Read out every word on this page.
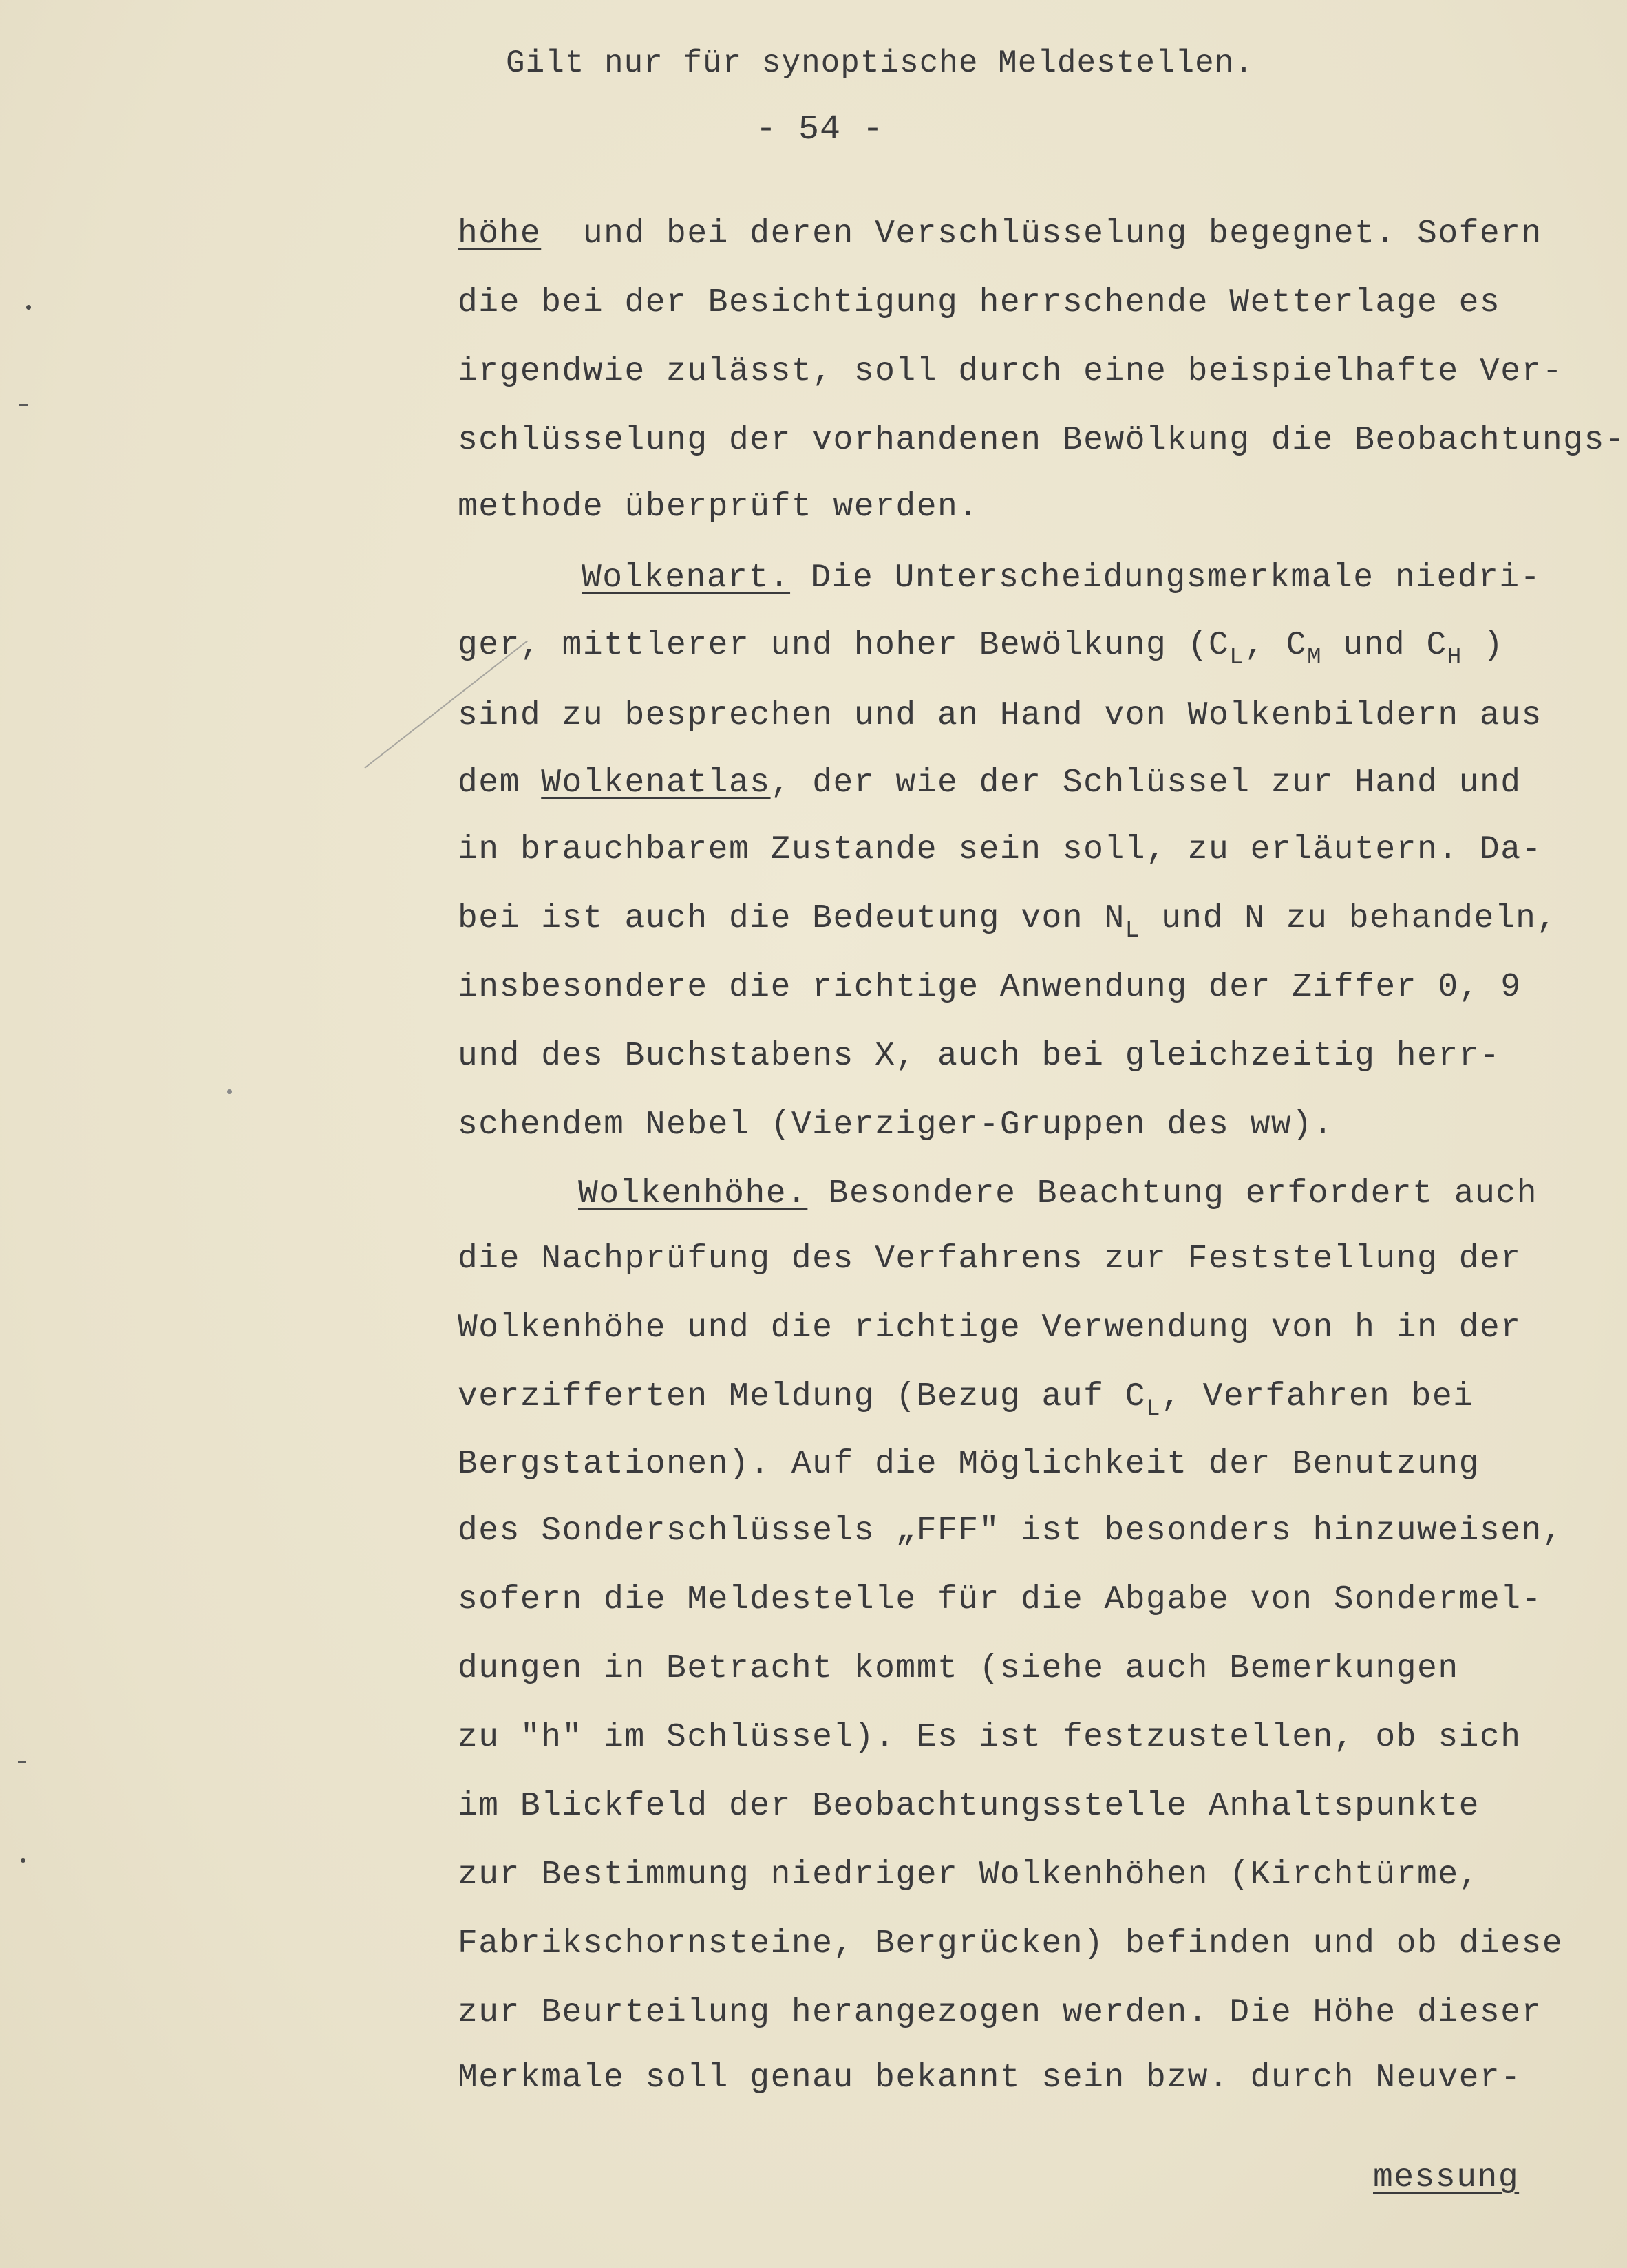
Gilt nur für synoptische Meldestellen.
- 54 -
höhe  und bei deren Verschlüsselung begegnet. Sofern
die bei der Besichtigung herrschende Wetterlage es
irgendwie zulässt, soll durch eine beispielhafte Ver-
schlüsselung der vorhandenen Bewölkung die Beobachtungs-
methode überprüft werden.
Wolkenart. Die Unterscheidungsmerkmale niedri-
ger, mittlerer und hoher Bewölkung ($C_L$, $C_M$ und $C_H$ )
sind zu besprechen und an Hand von Wolkenbildern aus
dem Wolkenatlas, der wie der Schlüssel zur Hand und
in brauchbarem Zustande sein soll, zu erläutern. Da-
bei ist auch die Bedeutung von $N_L$ und N zu behandeln,
insbesondere die richtige Anwendung der Ziffer 0, 9
und des Buchstabens X, auch bei gleichzeitig herr-
schendem Nebel (Vierziger-Gruppen des ww).
Wolkenhöhe. Besondere Beachtung erfordert auch
die Nachprüfung des Verfahrens zur Feststellung der
Wolkenhöhe und die richtige Verwendung von h in der
verzifferten Meldung (Bezug auf $C_L$, Verfahren bei
Bergstationen). Auf die Möglichkeit der Benutzung
des Sonderschlüssels „FFF" ist besonders hinzuweisen,
sofern die Meldestelle für die Abgabe von Sondermel-
dungen in Betracht kommt (siehe auch Bemerkungen
zu "h" im Schlüssel). Es ist festzustellen, ob sich
im Blickfeld der Beobachtungsstelle Anhaltspunkte
zur Bestimmung niedriger Wolkenhöhen (Kirchtürme,
Fabrikschornsteine, Bergrücken) befinden und ob diese
zur Beurteilung herangezogen werden. Die Höhe dieser
Merkmale soll genau bekannt sein bzw. durch Neuver-
messung
